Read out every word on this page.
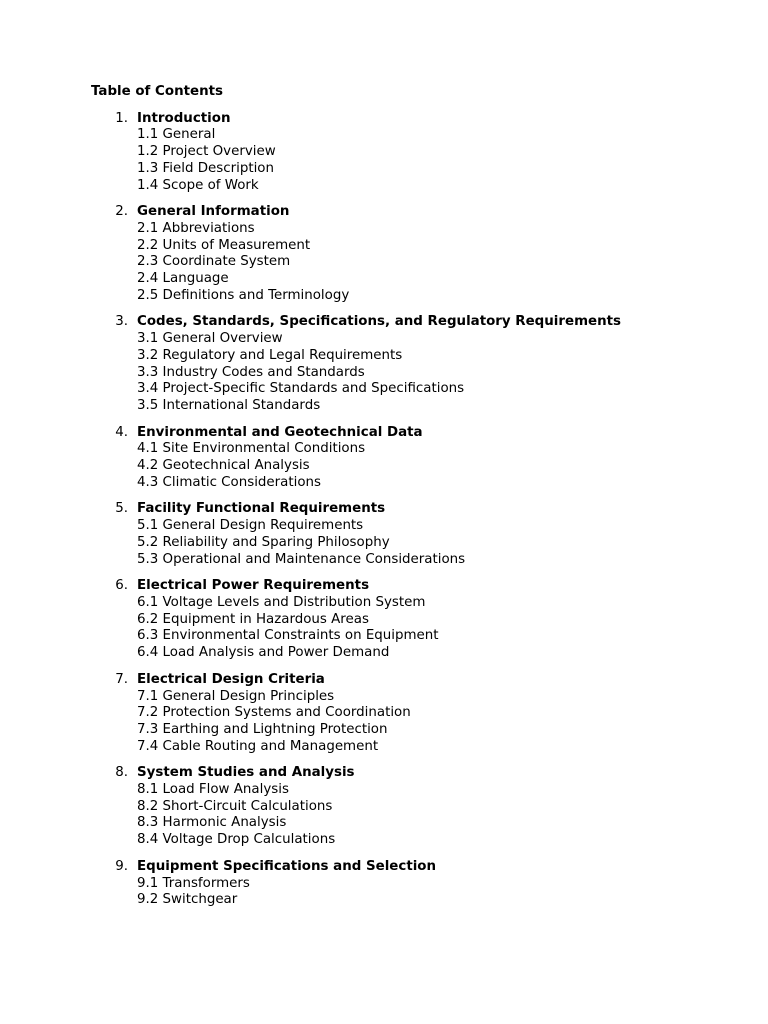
Table of Contents
1. Introduction
1.1 General
1.2 Project Overview
1.3 Field Description
1.4 Scope of Work
2. General Information
2.1 Abbreviations
2.2 Units of Measurement
2.3 Coordinate System
2.4 Language
2.5 Definitions and Terminology
3. Codes, Standards, Specifications, and Regulatory Requirements
3.1 General Overview
3.2 Regulatory and Legal Requirements
3.3 Industry Codes and Standards
3.4 Project-Specific Standards and Specifications
3.5 International Standards
4. Environmental and Geotechnical Data
4.1 Site Environmental Conditions
4.2 Geotechnical Analysis
4.3 Climatic Considerations
5. Facility Functional Requirements
5.1 General Design Requirements
5.2 Reliability and Sparing Philosophy
5.3 Operational and Maintenance Considerations
6. Electrical Power Requirements
6.1 Voltage Levels and Distribution System
6.2 Equipment in Hazardous Areas
6.3 Environmental Constraints on Equipment
6.4 Load Analysis and Power Demand
7. Electrical Design Criteria
7.1 General Design Principles
7.2 Protection Systems and Coordination
7.3 Earthing and Lightning Protection
7.4 Cable Routing and Management
8. System Studies and Analysis
8.1 Load Flow Analysis
8.2 Short-Circuit Calculations
8.3 Harmonic Analysis
8.4 Voltage Drop Calculations
9. Equipment Specifications and Selection
9.1 Transformers
9.2 Switchgear
